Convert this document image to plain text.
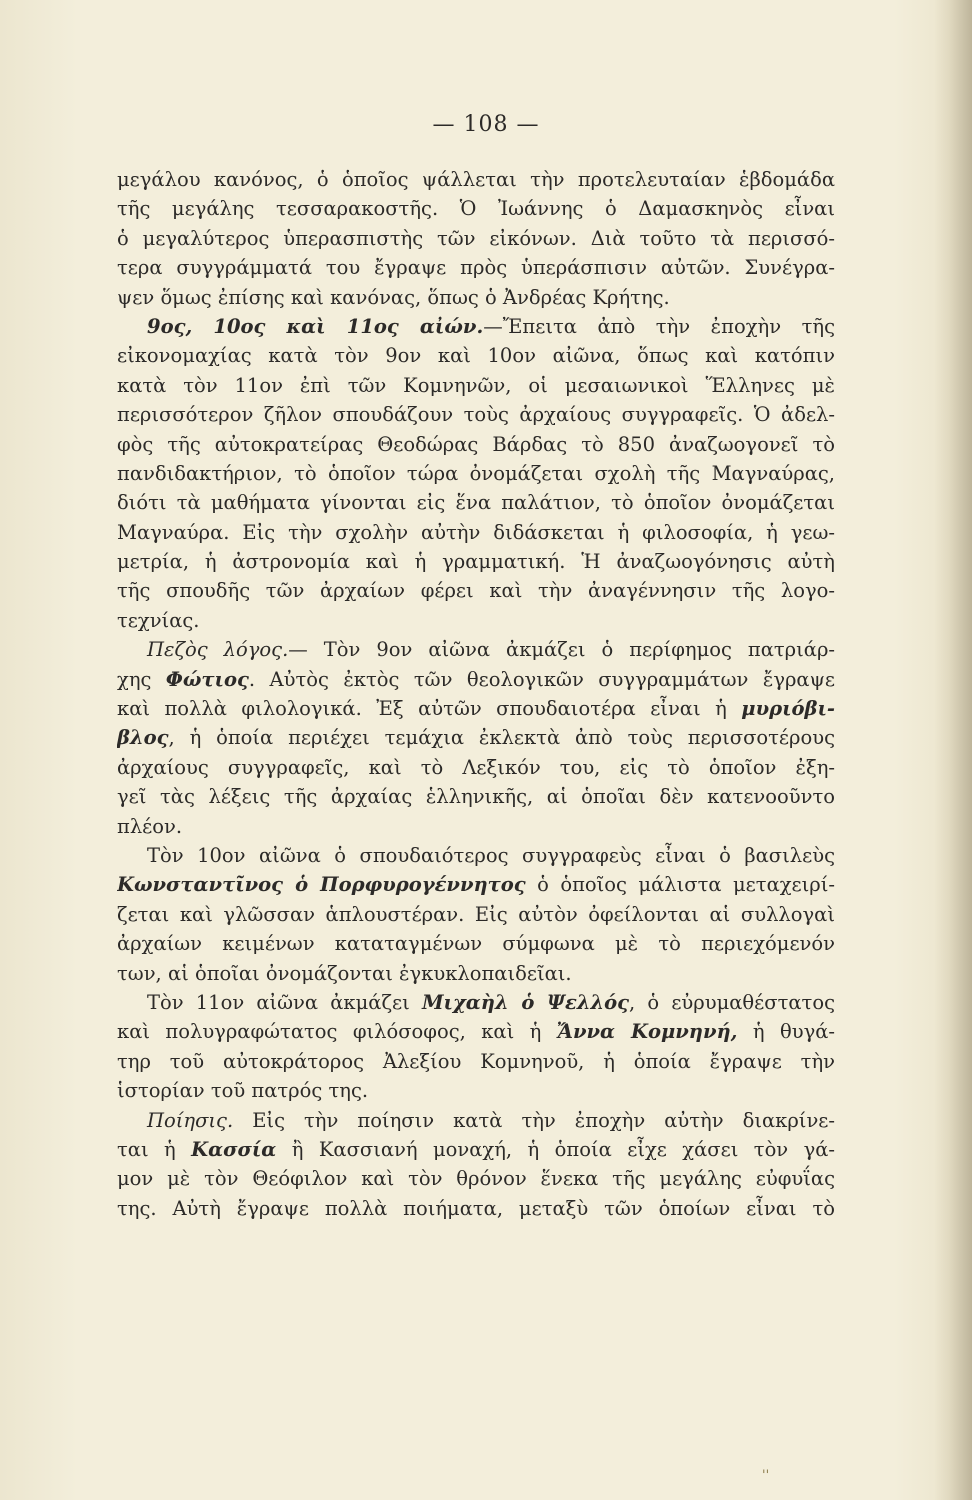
— 108 —
μεγάλου κανόνος, ὁ ὁποῖος ψάλλεται τὴν προτελευταίαν ἑβδομάδα
τῆς μεγάλης τεσσαρακοστῆς. Ὁ Ἰωάννης ὁ Δαμασκηνὸς εἶναι
ὁ μεγαλύτερος ὑπερασπιστὴς τῶν εἰκόνων. Διὰ τοῦτο τὰ περισσό-
τερα συγγράμματά του ἔγραψε πρὸς ὑπεράσπισιν αὐτῶν. Συνέγρα-
ψεν ὅμως ἐπίσης καὶ κανόνας, ὅπως ὁ Ἀνδρέας Κρήτης.
9ος, 10ος καὶ 11ος αἰών.—Ἔπειτα ἀπὸ τὴν ἐποχὴν τῆς
εἰκονομαχίας κατὰ τὸν 9ον καὶ 10ον αἰῶνα, ὅπως καὶ κατόπιν
κατὰ τὸν 11ον ἐπὶ τῶν Κομνηνῶν, οἱ μεσαιωνικοὶ Ἕλληνες μὲ
περισσότερον ζῆλον σπουδάζουν τοὺς ἀρχαίους συγγραφεῖς. Ὁ ἀδελ-
φὸς τῆς αὐτοκρατείρας Θεοδώρας Βάρδας τὸ 850 ἀναζωογονεῖ τὸ
πανδιδακτήριον, τὸ ὁποῖον τώρα ὀνομάζεται σχολὴ τῆς Μαγναύρας,
διότι τὰ μαθήματα γίνονται εἰς ἕνα παλάτιον, τὸ ὁποῖον ὀνομάζεται
Μαγναύρα. Εἰς τὴν σχολὴν αὐτὴν διδάσκεται ἡ φιλοσοφία, ἡ γεω-
μετρία, ἡ ἀστρονομία καὶ ἡ γραμματική. Ἡ ἀναζωογόνησις αὐτὴ
τῆς σπουδῆς τῶν ἀρχαίων φέρει καὶ τὴν ἀναγέννησιν τῆς λογο-
τεχνίας.
Πεζὸς λόγος.— Τὸν 9ον αἰῶνα ἀκμάζει ὁ περίφημος πατριάρ-
χης Φώτιος. Αὐτὸς ἐκτὸς τῶν θεολογικῶν συγγραμμάτων ἔγραψε
καὶ πολλὰ φιλολογικά. Ἐξ αὐτῶν σπουδαιοτέρα εἶναι ἡ μυριόβι-
βλος, ἡ ὁποία περιέχει τεμάχια ἐκλεκτὰ ἀπὸ τοὺς περισσοτέρους
ἀρχαίους συγγραφεῖς, καὶ τὸ Λεξικόν του, εἰς τὸ ὁποῖον ἐξη-
γεῖ τὰς λέξεις τῆς ἀρχαίας ἑλληνικῆς, αἱ ὁποῖαι δὲν κατενοοῦντο
πλέον.
Τὸν 10ον αἰῶνα ὁ σπουδαιότερος συγγραφεὺς εἶναι ὁ βασιλεὺς
Κωνσταντῖνος ὁ Πορφυρογέννητος ὁ ὁποῖος μάλιστα μεταχειρί-
ζεται καὶ γλῶσσαν ἁπλουστέραν. Εἰς αὐτὸν ὀφείλονται αἱ συλλογαὶ
ἀρχαίων κειμένων καταταγμένων σύμφωνα μὲ τὸ περιεχόμενόν
των, αἱ ὁποῖαι ὀνομάζονται ἐγκυκλοπαιδεῖαι.
Τὸν 11ον αἰῶνα ἀκμάζει Μιχαὴλ ὁ Ψελλός, ὁ εὐρυμαθέστατος
καὶ πολυγραφώτατος φιλόσοφος, καὶ ἡ Ἄννα Κομνηνή, ἡ θυγά-
τηρ τοῦ αὐτοκράτορος Ἀλεξίου Κομνηνοῦ, ἡ ὁποία ἔγραψε τὴν
ἱστορίαν τοῦ πατρός της.
Ποίησις. Εἰς τὴν ποίησιν κατὰ τὴν ἐποχὴν αὐτὴν διακρίνε-
ται ἡ Κασσία ἢ Κασσιανή μοναχή, ἡ ὁποία εἶχε χάσει τὸν γά-
μον μὲ τὸν Θεόφιλον καὶ τὸν θρόνον ἕνεκα τῆς μεγάλης εὐφυΐας
της. Αὐτὴ ἔγραψε πολλὰ ποιήματα, μεταξὺ τῶν ὁποίων εἶναι τὸ
''
